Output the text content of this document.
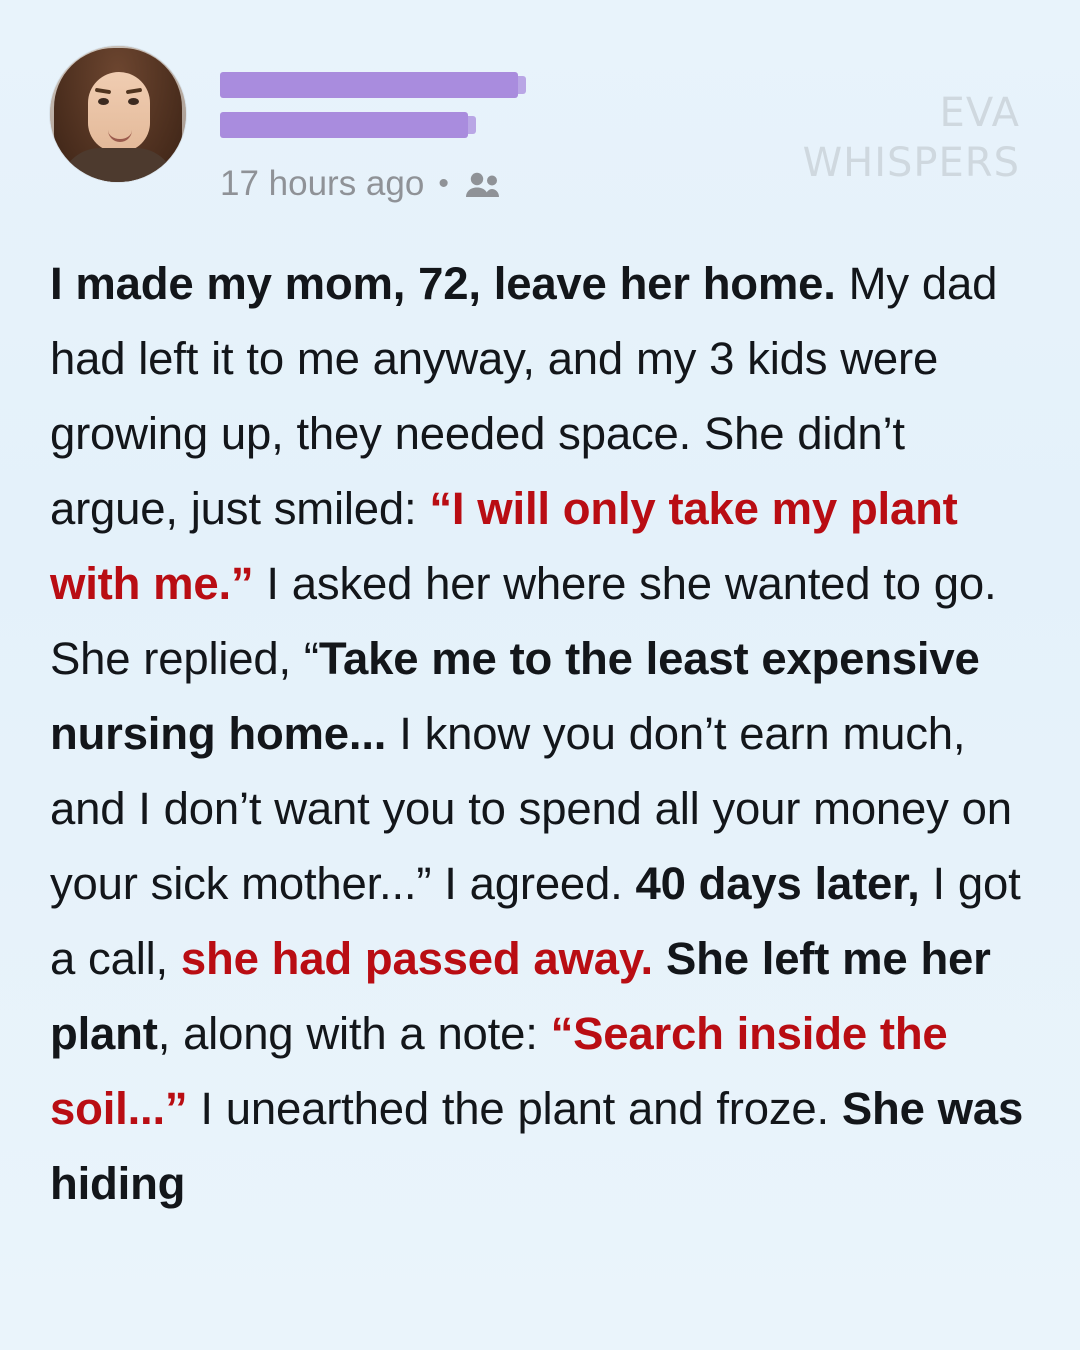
17 hours ago •
EVA
WHISPERS
I made my mom, 72, leave her home. My dad had left it to me anyway, and my 3 kids were growing up, they needed space. She didn’t argue, just smiled: “I will only take my plant with me.” I asked her where she wanted to go. She replied, “Take me to the least expensive nursing home... I know you don’t earn much, and I don’t want you to spend all your money on your sick mother...” I agreed. 40 days later, I got a call, she had passed away. She left me her plant, along with a note: “Search inside the soil...” I unearthed the plant and froze. She was hiding
